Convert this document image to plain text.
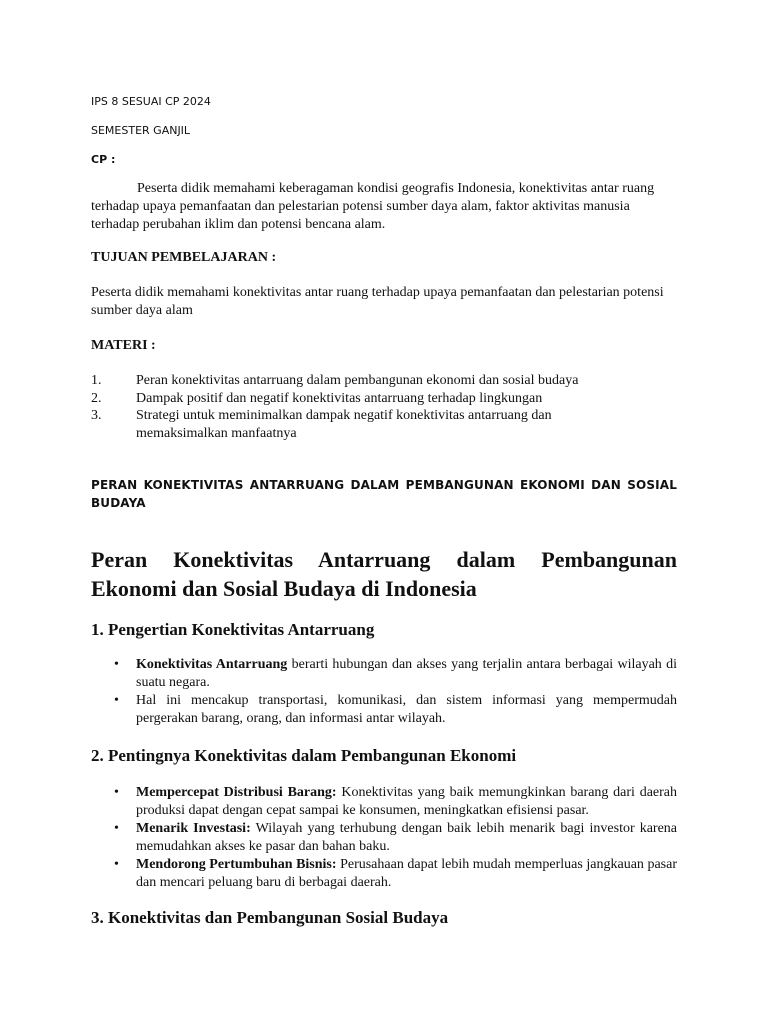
IPS 8 SESUAI CP 2024
SEMESTER GANJIL
CP :
Peserta didik memahami keberagaman kondisi geografis Indonesia, konektivitas antar ruang terhadap upaya pemanfaatan dan pelestarian potensi sumber daya alam, faktor aktivitas manusia terhadap perubahan iklim dan potensi bencana alam.
TUJUAN PEMBELAJARAN :
Peserta didik memahami konektivitas antar ruang terhadap upaya pemanfaatan dan pelestarian potensi sumber daya alam
MATERI :
1. Peran konektivitas antarruang dalam pembangunan ekonomi dan sosial budaya
2. Dampak positif dan negatif konektivitas antarruang terhadap lingkungan
3. Strategi untuk meminimalkan dampak negatif konektivitas antarruang dan
memaksimalkan manfaatnya
PERAN KONEKTIVITAS ANTARRUANG DALAM PEMBANGUNAN EKONOMI DAN SOSIAL BUDAYA
Peran Konektivitas Antarruang dalam Pembangunan Ekonomi dan Sosial Budaya di Indonesia
1. Pengertian Konektivitas Antarruang
• Konektivitas Antarruang berarti hubungan dan akses yang terjalin antara berbagai wilayah di suatu negara.
• Hal ini mencakup transportasi, komunikasi, dan sistem informasi yang mempermudah pergerakan barang, orang, dan informasi antar wilayah.
2. Pentingnya Konektivitas dalam Pembangunan Ekonomi
• Mempercepat Distribusi Barang: Konektivitas yang baik memungkinkan barang dari daerah produksi dapat dengan cepat sampai ke konsumen, meningkatkan efisiensi pasar.
• Menarik Investasi: Wilayah yang terhubung dengan baik lebih menarik bagi investor karena memudahkan akses ke pasar dan bahan baku.
• Mendorong Pertumbuhan Bisnis: Perusahaan dapat lebih mudah memperluas jangkauan pasar dan mencari peluang baru di berbagai daerah.
3. Konektivitas dan Pembangunan Sosial Budaya
